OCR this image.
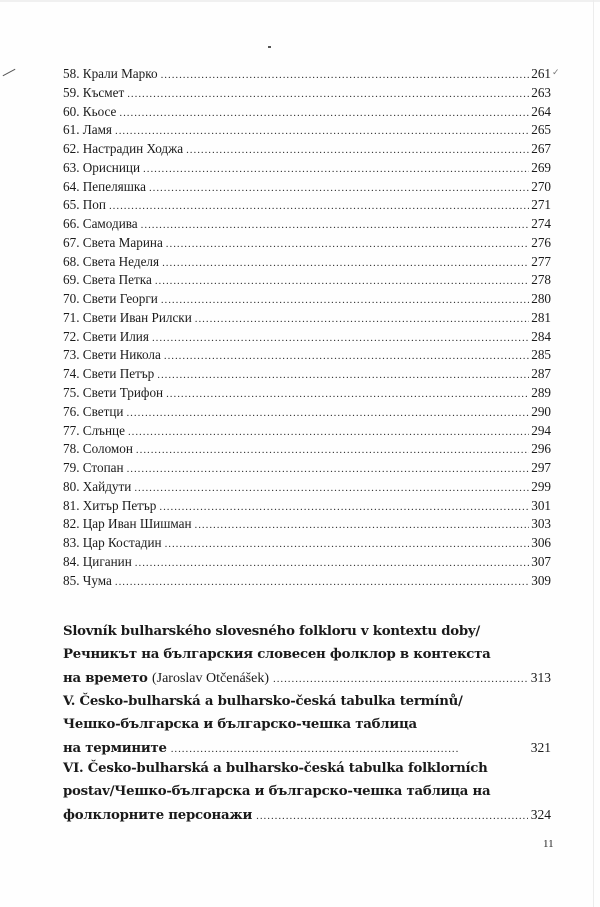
✓
58. Крали Марко . . .	261
59. Късмет . . .	263
60. Кьосе . . .	264
61. Ламя . . .	265
62. Настрадин Ходжа . . .	267
63. Орисници . . .	269
64. Пепеляшка . . .	270
65. Поп . . .	271
66. Самодива . . .	274
67. Света Марина . . .	276
68. Света Неделя . . .	277
69. Света Петка . . .	278
70. Свети Георги . . .	280
71. Свети Иван Рилски . . .	281
72. Свети Илия . . .	284
73. Свети Никола . . .	285
74. Свети Петър . . .	287
75. Свети Трифон . . .	289
76. Светци . . .	290
77. Слънце . . .	294
78. Соломон . . .	296
79. Стопан . . .	297
80. Хайдути . . .	299
81. Хитър Петър . . .	301
82. Цар Иван Шишман . . .	303
83. Цар Костадин . . .	306
84. Циганин . . .	307
85. Чума . . .	309
Slovník bulharského slovesného folkloru v kontextu doby/
Речникът на българския словесен фолклор в контекста
на времето (Jaroslav Otčenášek) . . .	313
V. Česko-bulharská a bulharsko-česká tabulka termínů/
Чешко-българска и българско-чешка таблица
на термините . . .	321
VI. Česko-bulharská a bulharsko-česká tabulka folklorních
postav/Чешко-българска и българско-чешка таблица на
фолклорните персонажи . . .	324
11
